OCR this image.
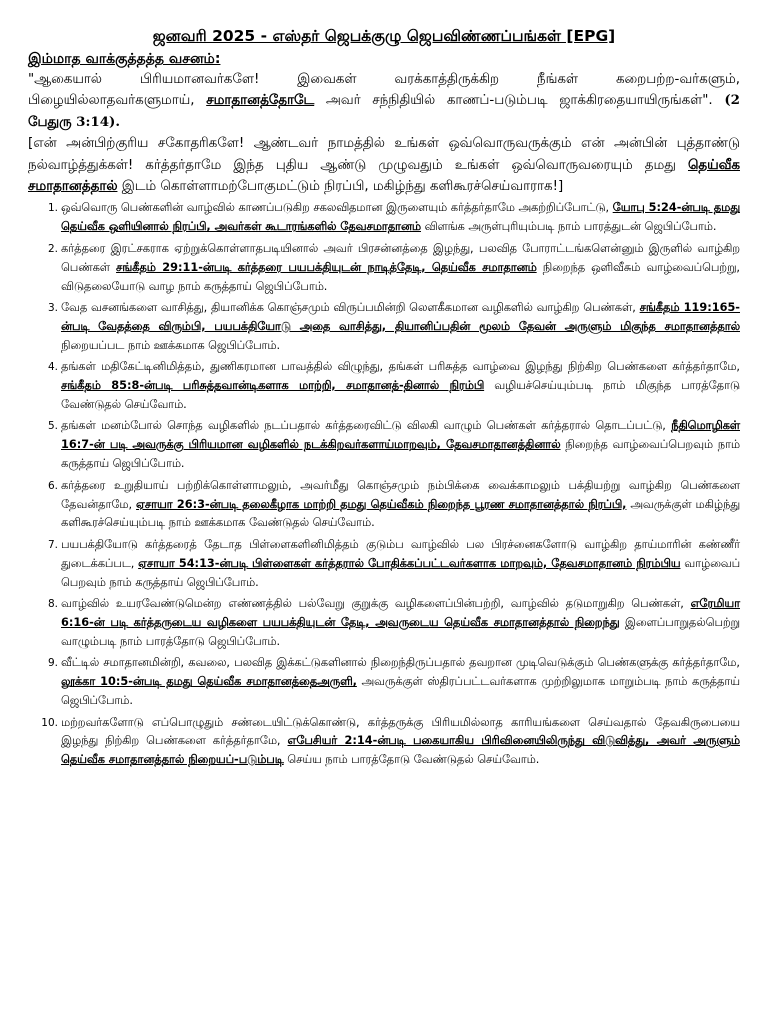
ஜனவரி 2025 - எஸ்தர் ஜெபக்குழு ஜெபவிண்ணப்பங்கள் [EPG]

இம்மாத வாக்குத்தத்த வசனம்:

"ஆகையால் பிரியமானவர்களே! இவைகள் வரக்காத்திருக்கிற நீங்கள் கறைபற்ற-வர்களும், பிழையில்லாதவர்களுமாய், சமாதானத்தோடே அவர் சந்நிதியில் காணப்-படும்படி ஜாக்கிரதையாயிருங்கள்". (2 பேதுரு 3:14).

[என் அன்பிற்குரிய சகோதரிகளே! ஆண்டவர் நாமத்தில் உங்கள் ஒவ்வொருவருக்கும் என் அன்பின் புத்தாண்டு நல்வாழ்த்துக்கள்! கர்த்தர்தாமே இந்த புதிய ஆண்டு முழுவதும் உங்கள் ஒவ்வொருவரையும் தமது தெய்வீக சமாதானத்தால் இடம் கொள்ளாமற்போகுமட்டும் நிரப்பி, மகிழ்ந்து களிகூரச்செய்வாராக!]

1. ஒவ்வொரு பெண்களின் வாழ்வில் காணப்படுகிற சகலவிதமான இருளையும் கர்த்தர்தாமே அகற்றிப்போட்டு, யோபு 5:24-ன்படி தமது தெய்வீக ஒளியினால் நிரப்பி, அவர்கள் கூடாரங்களில் தேவசமாதானம் விளங்க அருள்புரியும்படி நாம் பாரத்துடன் ஜெபிப்போம்.
2. கர்த்தரை இரட்சகராக ஏற்றுக்கொள்ளாதபடியினால் அவர் பிரசன்னத்தை இழந்து, பலவித போராட்டங்களென்னும் இருளில் வாழ்கிற பெண்கள் சங்கீதம் 29:11-ன்படி கர்த்தரை பயபக்தியுடன் நாடித்தேடி, தெய்வீக சமாதானம் நிறைந்த ஒளிவீசும் வாழ்வைப்பெற்று, விடுதலையோடு வாழ நாம் கருத்தாய் ஜெபிப்போம்.
3. வேத வசனங்களை வாசித்து, தியானிக்க கொஞ்சமும் விருப்பமின்றி லௌகீகமான வழிகளில் வாழ்கிற பெண்கள், சங்கீதம் 119:165-ன்படி வேதத்தை விரும்பி, பயபக்தியோடு அதை வாசித்து, தியானிப்பதின் மூலம் தேவன் அருளும் மிகுந்த சமாதானத்தால் நிறையப்பட நாம் ஊக்கமாக ஜெபிப்போம்.
4. தங்கள் மதிகேட்டினிமித்தம், துணிகரமான பாவத்தில் விழுந்து, தங்கள் பரிசுத்த வாழ்வை இழந்து நிற்கிற பெண்களை கர்த்தர்தாமே, சங்கீதம் 85:8-ன்படி பரிசுத்தவான்டிகளாக மாற்றி, சமாதானத்-தினால் நிரம்பி வழியச்செய்யும்படி நாம் மிகுந்த பாரத்தோடு வேண்டுதல் செய்வோம்.
5. தங்கள் மனம்போல் சொந்த வழிகளில் நடப்பதால் கர்த்தரைவிட்டு விலகி வாழும் பெண்கள் கர்த்தரால் தொடப்பட்டு, நீதிமொழிகள் 16:7-ன் படி அவருக்கு பிரியமான வழிகளில் நடக்கிறவர்களாய்மாறவும், தேவசமாதானத்தினால் நிறைந்த வாழ்வைப்பெறவும் நாம் கருத்தாய் ஜெபிப்போம்.
6. கர்த்தரை உறுதியாய் பற்றிக்கொள்ளாமலும், அவர்மீது கொஞ்சமும் நம்பிக்கை வைக்காமலும் பக்தியற்று வாழ்கிற பெண்களை தேவன்தாமே, ஏசாயா 26:3-ன்படி தலைகீழாக மாற்றி தமது தெய்வீகம் நிறைந்த பூரண சமாதானத்தால் நிரப்பி, அவருக்குள் மகிழ்ந்து களிகூரச்செய்யும்படி நாம் ஊக்கமாக வேண்டுதல் செய்வோம்.
7. பயபக்தியோடு கர்த்தரைத் தேடாத பிள்ளைகளினிமித்தம் குடும்ப வாழ்வில் பல பிரச்னைகளோடு வாழ்கிற தாய்மாரின் கண்ணீர் துடைக்கப்பட, ஏசாயா 54:13-ன்படி பிள்ளைகள் கர்த்தரால் போதிக்கப்பட்டவர்களாக மாறவும், தேவசமாதானம் நிரம்பிய வாழ்வைப் பெறவும் நாம் கருத்தாய் ஜெபிப்போம்.
8. வாழ்வில் உயரவேண்டுமென்ற எண்ணத்தில் பல்வேறு குறுக்கு வழிகளைப்பின்பற்றி, வாழ்வில் தடுமாறுகிற பெண்கள், எரேமியா 6:16-ன் படி கர்த்தருடைய வழிகளை பயபக்தியுடன் தேடி, அவருடைய தெய்வீக சமாதானத்தால் நிறைந்து இளைப்பாறுதல்பெற்று வாழும்படி நாம் பாரத்தோடு ஜெபிப்போம்.
9. வீட்டில் சமாதானமின்றி, கவலை, பலவித இக்கட்டுகளினால் நிறைந்திருப்பதால் தவறான முடிவெடுக்கும் பெண்களுக்கு கர்த்தர்தாமே, லூக்கா 10:5-ன்படி தமது தெய்வீக சமாதானத்தைஅருளி, அவருக்குள் ஸ்திரப்பட்டவர்களாக முற்றிலுமாக மாறும்படி நாம் கருத்தாய் ஜெபிப்போம்.
10. மற்றவர்களோடு எப்பொழுதும் சண்டையிட்டுக்கொண்டு, கர்த்தருக்கு பிரியமில்லாத காரியங்களை செய்வதால் தேவகிருபையை இழந்து நிற்கிற பெண்களை கர்த்தர்தாமே, எபேசியர் 2:14-ன்படி பகையாகிய பிரிவினையிலிருந்து விடுவித்து, அவர் அருளும் தெய்வீக சமாதானத்தால் நிறையப்-படும்படி செய்ய நாம் பாரத்தோடு வேண்டுதல் செய்வோம்.
